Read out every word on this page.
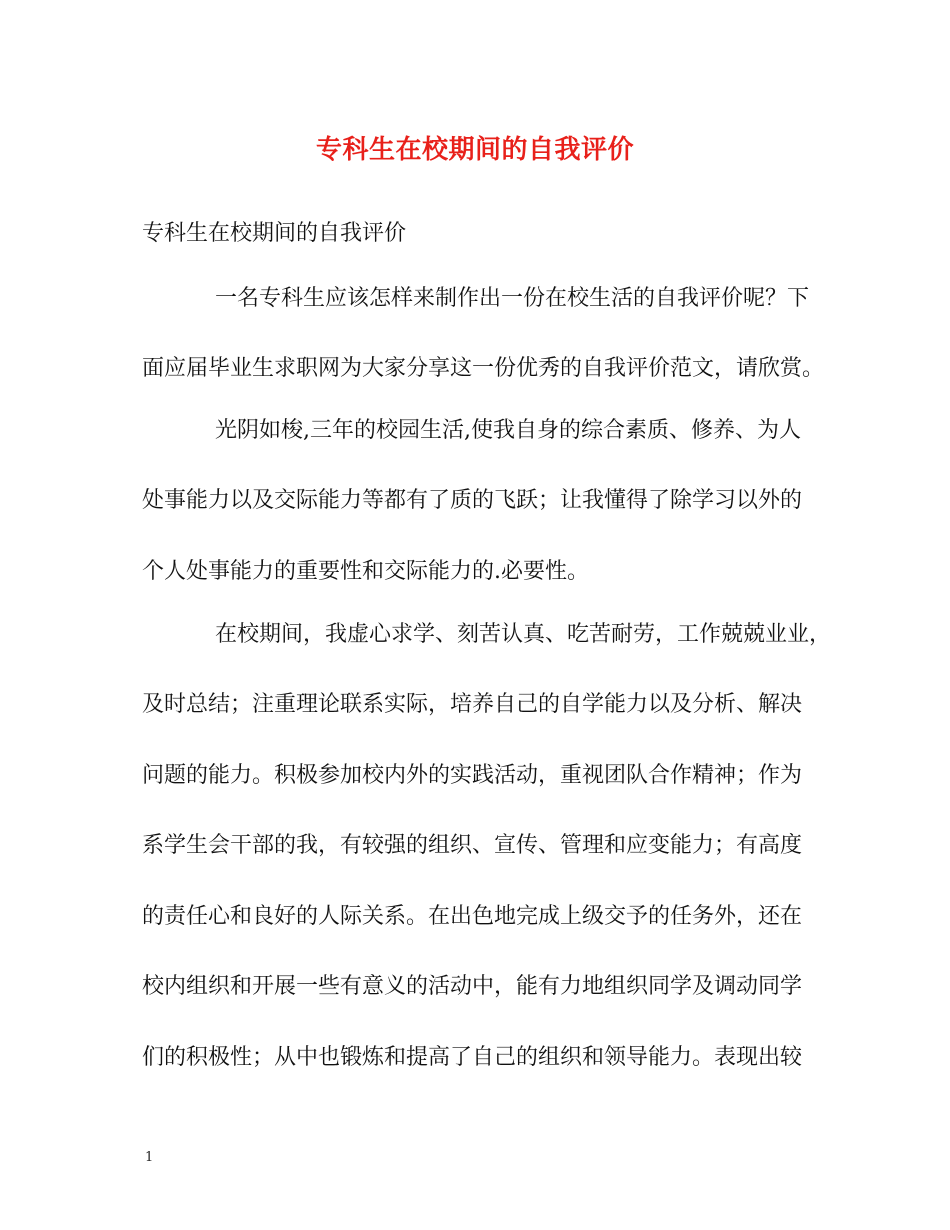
专科生在校期间的自我评价
专科生在校期间的自我评价
一名专科生应该怎样来制作出一份在校生活的自我评价呢？下
面应届毕业生求职网为大家分享这一份优秀的自我评价范文，请欣赏。
光阴如梭,三年的校园生活,使我自身的综合素质、修养、为人
处事能力以及交际能力等都有了质的飞跃；让我懂得了除学习以外的
个人处事能力的重要性和交际能力的.必要性。
在校期间，我虚心求学、刻苦认真、吃苦耐劳，工作兢兢业业，
及时总结；注重理论联系实际，培养自己的自学能力以及分析、解决
问题的能力。积极参加校内外的实践活动，重视团队合作精神；作为
系学生会干部的我，有较强的组织、宣传、管理和应变能力；有高度
的责任心和良好的人际关系。在出色地完成上级交予的任务外，还在
校内组织和开展一些有意义的活动中，能有力地组织同学及调动同学
们的积极性；从中也锻炼和提高了自己的组织和领导能力。表现出较
1
